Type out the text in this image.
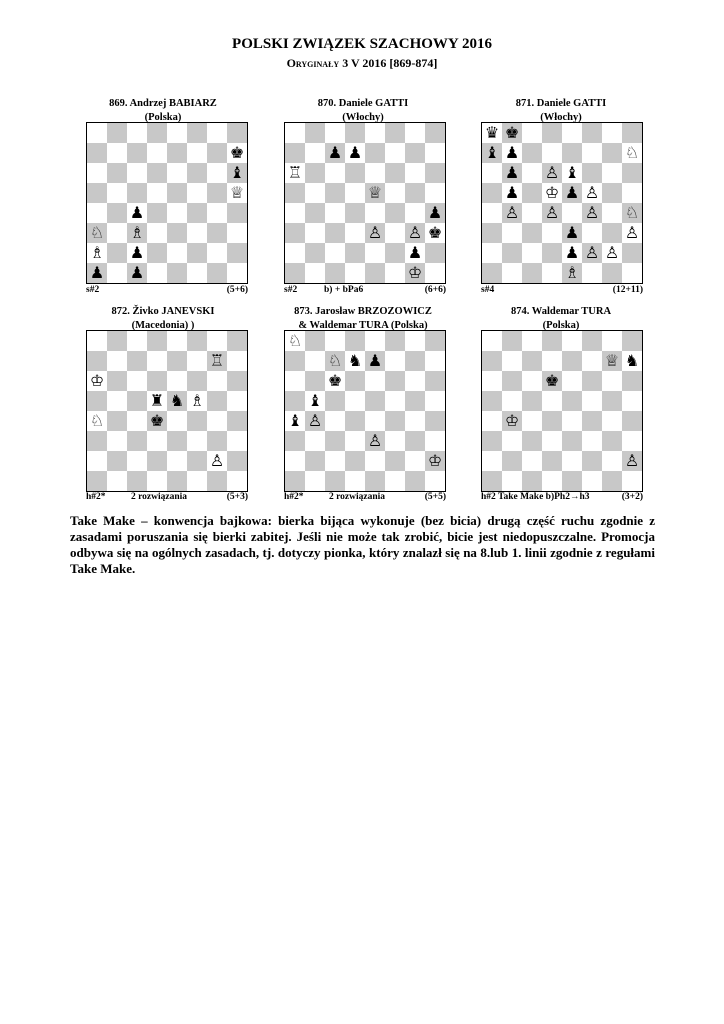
POLSKI ZWIĄZEK SZACHOWY 2016
Oryginały 3 V 2016 [869-874]
869. Andrzej BABIARZ
(Polska)
♚
♝
♕
♟
♘ ♗
♗ ♟
♟ ♟
s#2	(5+6)
870. Daniele GATTI
(Włochy)
♟ ♟
♖
♕
♟
♙ ♙ ♚
♟
♔
s#2	b) + bPa6	(6+6)
871. Daniele GATTI
(Włochy)
♛ ♚
♝ ♟	♘
♟ ♙ ♝
♟ ♔ ♟ ♙
♙ ♙ ♙ ♘
♟	♙
♟ ♙ ♙
♗
s#4	(12+11)
872. Živko JANEVSKI
(Macedonia) )
♖
♔
♜ ♞ ♗
♘	♚
♙
h#2*	2 rozwiązania	(5+3)
873. Jarosław BRZOZOWICZ
& Waldemar TURA (Polska)
♘
♘ ♞ ♟
♚
♝
♝ ♙
♙
♔
h#2*	2 rozwiązania	(5+5)
874. Waldemar TURA
(Polska)
♕ ♞
♚
♔
♙
h#2 Take Make b)Ph2→h3	(3+2)
Take Make – konwencja bajkowa: bierka bijąca wykonuje (bez bicia) drugą część ruchu zgodnie z zasadami poruszania się bierki zabitej. Jeśli nie może tak zrobić, bicie jest niedopuszczalne. Promocja odbywa się na ogólnych zasadach, tj. dotyczy pionka, który znalazł się na 8.lub 1. linii zgodnie z regułami Take Make.
